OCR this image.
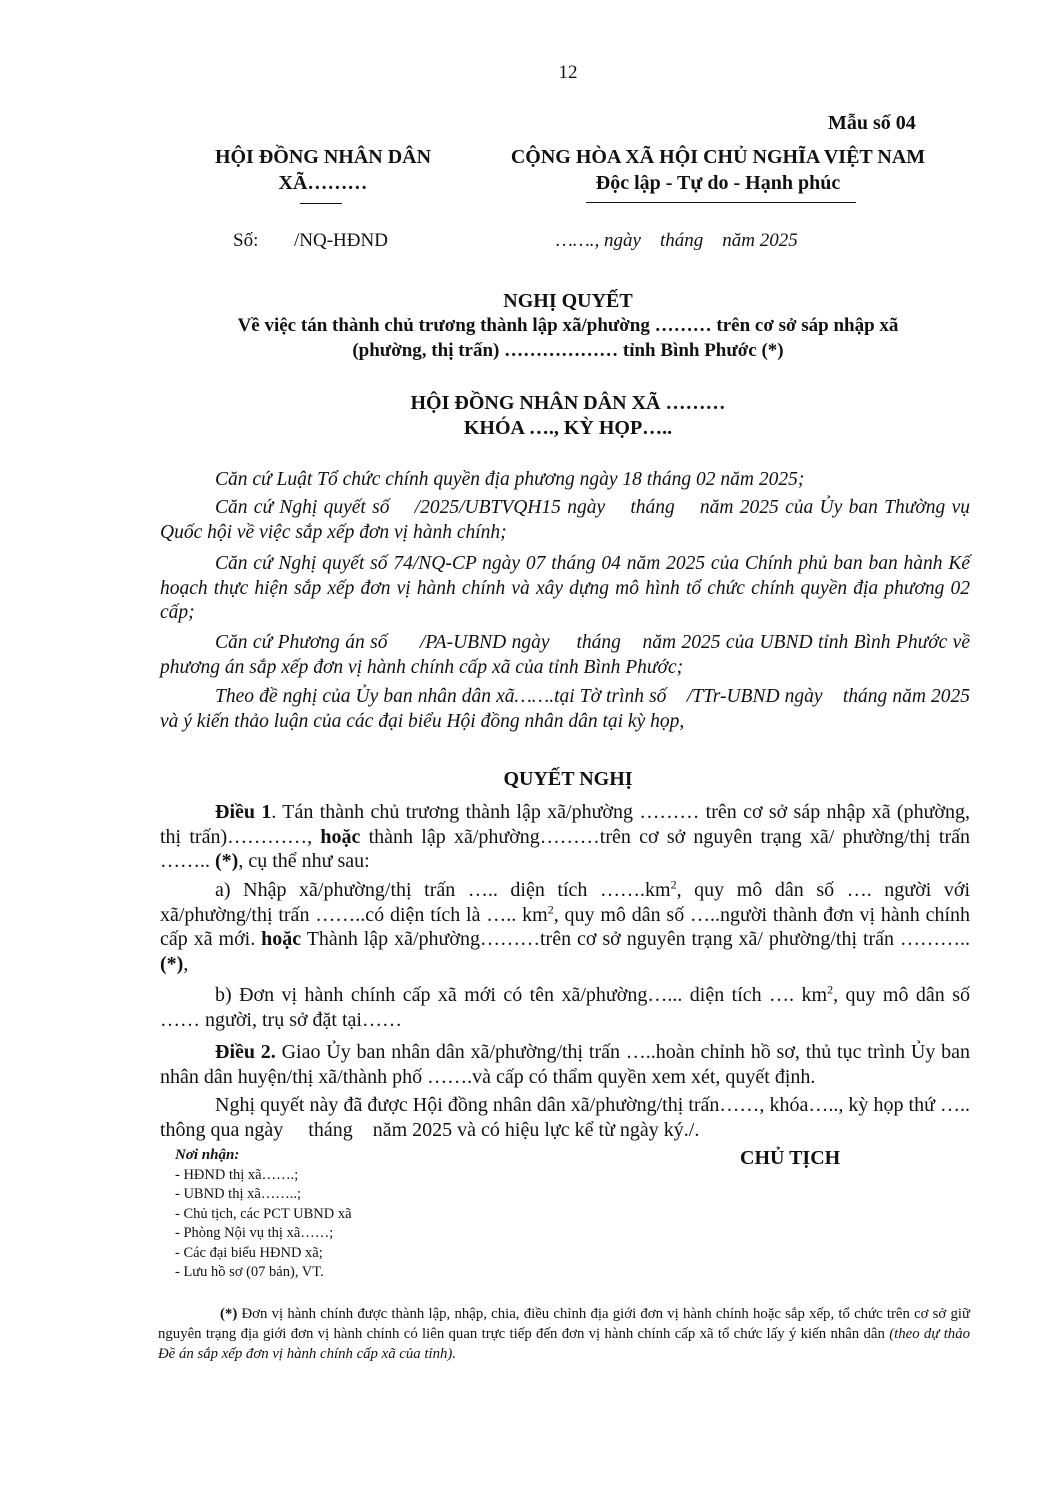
12

Mẫu số 04

HỘI ĐỒNG NHÂN DÂN

XÃ………

CỘNG HÒA XÃ HỘI CHỦ NGHĨA VIỆT NAM

Độc lập - Tự do - Hạnh phúc

Số: /NQ-HĐND	……., ngày    tháng    năm 2025

NGHỊ QUYẾT

Về việc tán thành chủ trương thành lập xã/phường ……… trên cơ sở sáp nhập xã

(phường, thị trấn) ……………… tỉnh Bình Phước (*)

HỘI ĐỒNG NHÂN DÂN XÃ ………

KHÓA …., KỲ HỌP…..

Căn cứ Luật Tổ chức chính quyền địa phương ngày 18 tháng 02 năm 2025;

Căn cứ Nghị quyết số    /2025/UBTVQH15 ngày    tháng    năm 2025 của Ủy ban Thường vụ Quốc hội về việc sắp xếp đơn vị hành chính;

Căn cứ Nghị quyết số 74/NQ-CP ngày 07 tháng 04 năm 2025 của Chính phủ ban ban hành Kế hoạch thực hiện sắp xếp đơn vị hành chính và xây dựng mô hình tổ chức chính quyền địa phương 02 cấp;

Căn cứ Phương án số      /PA-UBND ngày     tháng    năm 2025 của UBND tỉnh Bình Phước về phương án sắp xếp đơn vị hành chính cấp xã của tỉnh Bình Phước;

Theo đề nghị của Ủy ban nhân dân xã…….tại Tờ trình số    /TTr-UBND ngày    tháng năm 2025 và ý kiến thảo luận của các đại biểu Hội đồng nhân dân tại kỳ họp,

QUYẾT NGHỊ

Điều 1. Tán thành chủ trương thành lập xã/phường ……… trên cơ sở sáp nhập xã (phường, thị trấn)…………, hoặc thành lập xã/phường………trên cơ sở nguyên trạng xã/ phường/thị trấn …….. (*), cụ thể như sau:

a) Nhập xã/phường/thị trấn ….. diện tích $\dots\dots.km^2$, quy mô dân số …. người với xã/phường/thị trấn ……..có diện tích là ….. $km^2$, quy mô dân số …..người thành đơn vị hành chính cấp xã mới. hoặc Thành lập xã/phường………trên cơ sở nguyên trạng xã/ phường/thị trấn ……….. (*),

b) Đơn vị hành chính cấp xã mới có tên xã/phường…... diện tích …. $km^2$, quy mô dân số …… người, trụ sở đặt tại……

Điều 2. Giao Ủy ban nhân dân xã/phường/thị trấn …..hoàn chỉnh hồ sơ, thủ tục trình Ủy ban nhân dân huyện/thị xã/thành phố …….và cấp có thẩm quyền xem xét, quyết định.

Nghị quyết này đã được Hội đồng nhân dân xã/phường/thị trấn……, khóa….., kỳ họp thứ ….. thông qua ngày     tháng    năm 2025 và có hiệu lực kể từ ngày ký./.

Nơi nhận:

- HĐND thị xã…….;

- UBND thị xã……..;

- Chủ tịch, các PCT UBND xã

- Phòng Nội vụ thị xã……;

- Các đại biểu HĐND xã;

- Lưu hồ sơ (07 bản), VT.

CHỦ TỊCH

(*) Đơn vị hành chính được thành lập, nhập, chia, điều chỉnh địa giới đơn vị hành chính hoặc sắp xếp, tổ chức trên cơ sở giữ nguyên trạng địa giới đơn vị hành chính có liên quan trực tiếp đến đơn vị hành chính cấp xã tổ chức lấy ý kiến nhân dân (theo dự thảo Đề án sắp xếp đơn vị hành chính cấp xã của tỉnh).
